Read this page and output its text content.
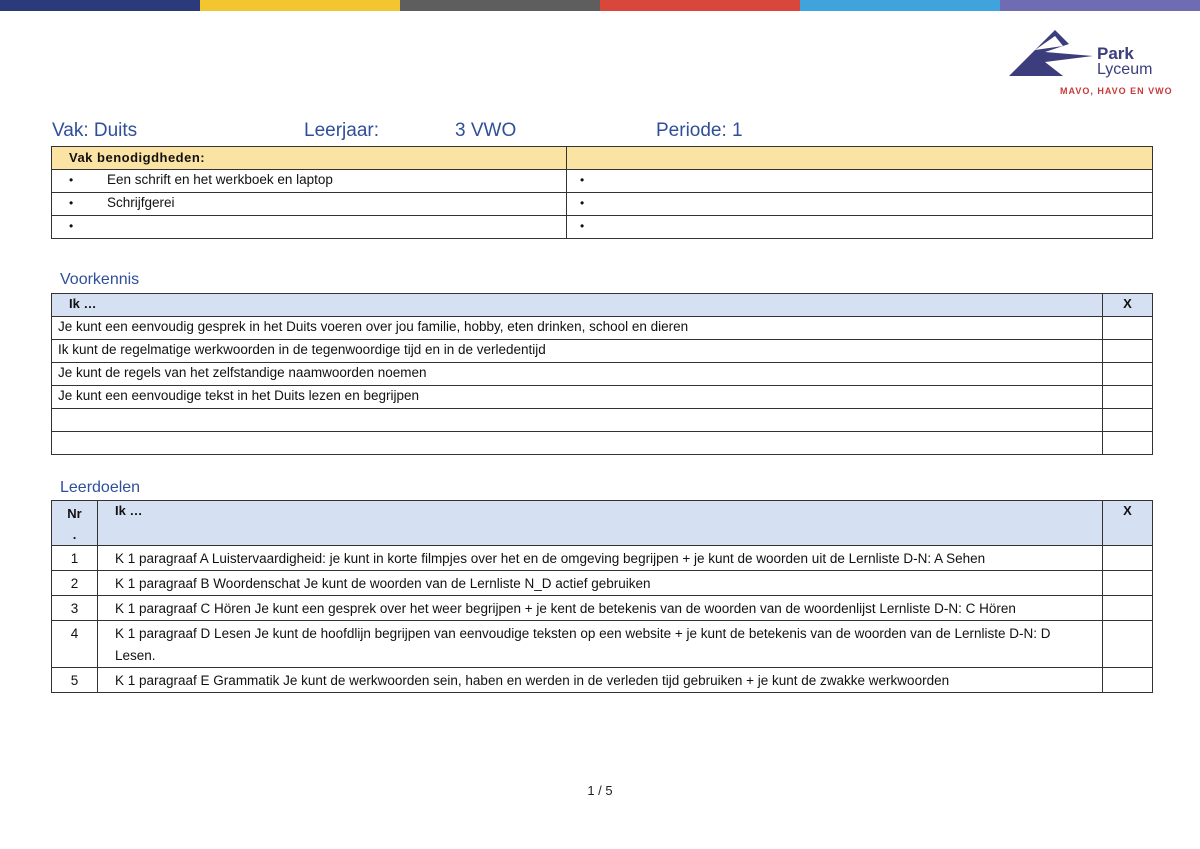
Park
Lyceum
MAVO, HAVO EN VWO
Vak: Duits	Leerjaar:	3 VWO	Periode: 1
Vak benodigdheden:	
• Een schrift en het werkboek en laptop	•
• Schrijfgerei	•
•	•
Voorkennis
Ik …	X
Je kunt een eenvoudig gesprek in het Duits voeren over jou familie, hobby, eten drinken, school en dieren	
Ik kunt de regelmatige werkwoorden in de tegenwoordige tijd en in de verledentijd	
Je kunt de regels van het zelfstandige naamwoorden noemen	
Je kunt een eenvoudige tekst in het Duits lezen en begrijpen	

Leerdoelen
Nr
.	Ik …	X
1	K 1 paragraaf A Luistervaardigheid: je kunt in korte filmpjes over het en de omgeving begrijpen + je kunt de woorden uit de Lernliste D-N: A Sehen	
2	K 1 paragraaf B Woordenschat Je kunt de woorden van de Lernliste N_D actief gebruiken	
3	K 1 paragraaf C Hören Je kunt een gesprek over het weer begrijpen + je kent de betekenis van de woorden van de woordenlijst Lernliste D-N: C Hören	
4	K 1 paragraaf D Lesen Je kunt de hoofdlijn begrijpen van eenvoudige teksten op een website + je kunt de betekenis van de woorden van de Lernliste D-N: D Lesen.	
5	K 1 paragraaf E Grammatik Je kunt de werkwoorden sein, haben en werden in de verleden tijd gebruiken + je kunt de zwakke werkwoorden	
1 / 5
